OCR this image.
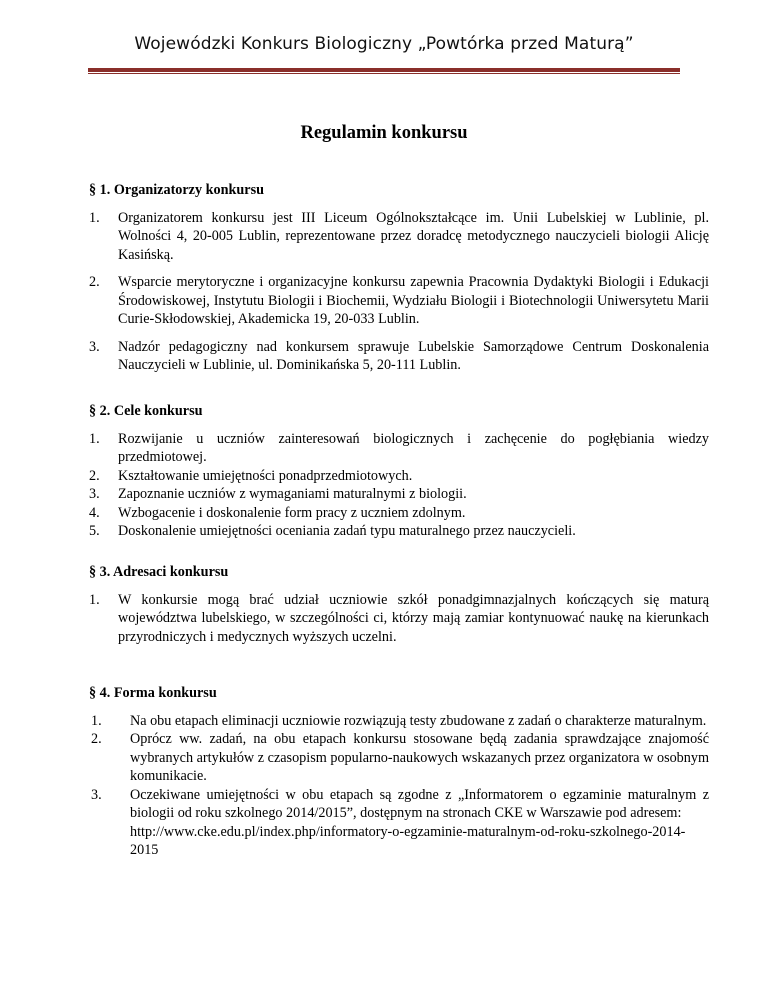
Wojewódzki Konkurs Biologiczny „Powtórka przed Maturą”
Regulamin konkursu

§ 1. Organizatorzy konkursu

1. Organizatorem konkursu jest III Liceum Ogólnokształcące im. Unii Lubelskiej w Lublinie, pl. Wolności 4, 20-005 Lublin, reprezentowane przez doradcę metodycznego nauczycieli biologii Alicję Kasińską.
2. Wsparcie merytoryczne i organizacyjne konkursu zapewnia Pracownia Dydaktyki Biologii i Edukacji Środowiskowej, Instytutu Biologii i Biochemii, Wydziału Biologii i Biotechnologii Uniwersytetu Marii Curie-Skłodowskiej, Akademicka 19, 20-033 Lublin.
3. Nadzór pedagogiczny nad konkursem sprawuje Lubelskie Samorządowe Centrum Doskonalenia Nauczycieli w Lublinie, ul. Dominikańska 5, 20-111 Lublin.

§ 2. Cele konkursu

1. Rozwijanie u uczniów zainteresowań biologicznych i zachęcenie do pogłębiania wiedzy przedmiotowej.
2. Kształtowanie umiejętności ponadprzedmiotowych.
3. Zapoznanie uczniów z wymaganiami maturalnymi z biologii.
4. Wzbogacenie i doskonalenie form pracy z uczniem zdolnym.
5. Doskonalenie umiejętności oceniania zadań typu maturalnego przez nauczycieli.

§ 3. Adresaci konkursu

1. W konkursie mogą brać udział uczniowie szkół ponadgimnazjalnych kończących się maturą województwa lubelskiego, w szczególności ci, którzy mają zamiar kontynuować naukę na kierunkach przyrodniczych i medycznych wyższych uczelni.

§ 4. Forma konkursu

1. Na obu etapach eliminacji uczniowie rozwiązują testy zbudowane z zadań o charakterze maturalnym.
2. Oprócz ww. zadań, na obu etapach konkursu stosowane będą zadania sprawdzające znajomość wybranych artykułów z czasopism popularno-naukowych wskazanych przez organizatora w osobnym komunikacie.
3. Oczekiwane umiejętności w obu etapach są zgodne z „Informatorem o egzaminie maturalnym z biologii od roku szkolnego 2014/2015”, dostępnym na stronach CKE w Warszawie pod adresem:
http://www.cke.edu.pl/index.php/informatory-o-egzaminie-maturalnym-od-roku-szkolnego-2014-2015
